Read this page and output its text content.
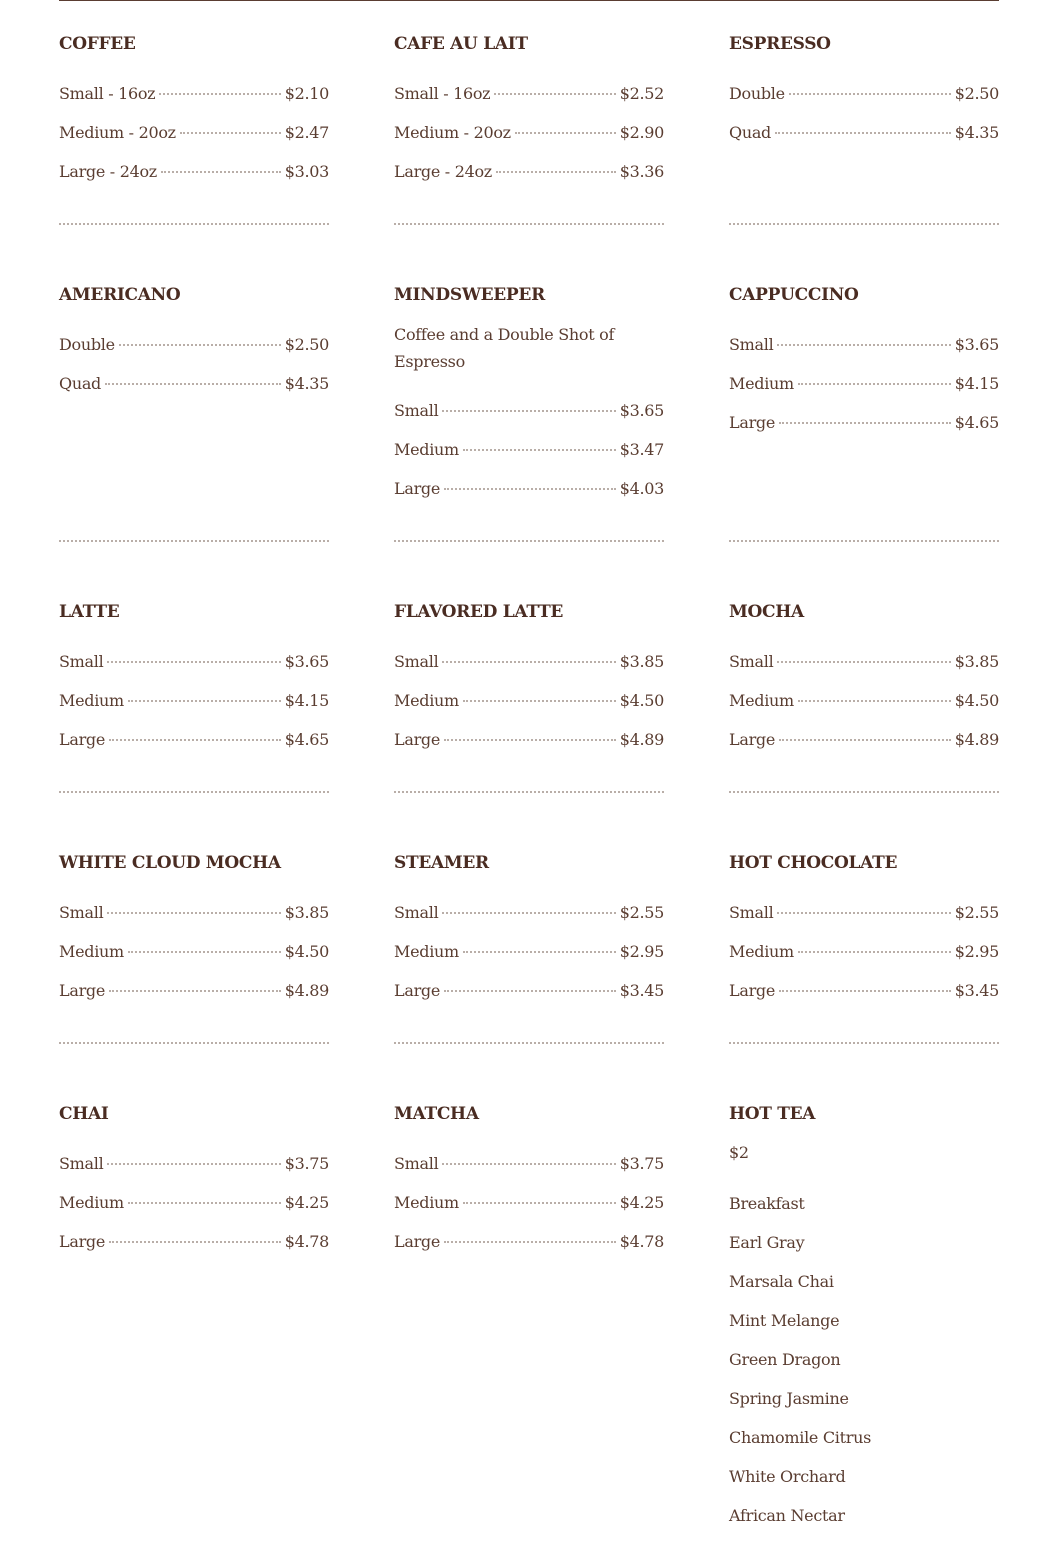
COFFEE
Small - 16oz	$2.10
Medium - 20oz	$2.47
Large - 24oz	$3.03
CAFE AU LAIT
Small - 16oz	$2.52
Medium - 20oz	$2.90
Large - 24oz	$3.36
ESPRESSO
Double	$2.50
Quad	$4.35
AMERICANO
Double	$2.50
Quad	$4.35
MINDSWEEPER
Coffee and a Double Shot of Espresso
Small	$3.65
Medium	$3.47
Large	$4.03
CAPPUCCINO
Small	$3.65
Medium	$4.15
Large	$4.65
LATTE
Small	$3.65
Medium	$4.15
Large	$4.65
FLAVORED LATTE
Small	$3.85
Medium	$4.50
Large	$4.89
MOCHA
Small	$3.85
Medium	$4.50
Large	$4.89
WHITE CLOUD MOCHA
Small	$3.85
Medium	$4.50
Large	$4.89
STEAMER
Small	$2.55
Medium	$2.95
Large	$3.45
HOT CHOCOLATE
Small	$2.55
Medium	$2.95
Large	$3.45
CHAI
Small	$3.75
Medium	$4.25
Large	$4.78
MATCHA
Small	$3.75
Medium	$4.25
Large	$4.78
HOT TEA
$2
Breakfast
Earl Gray
Marsala Chai
Mint Melange
Green Dragon
Spring Jasmine
Chamomile Citrus
White Orchard
African Nectar
